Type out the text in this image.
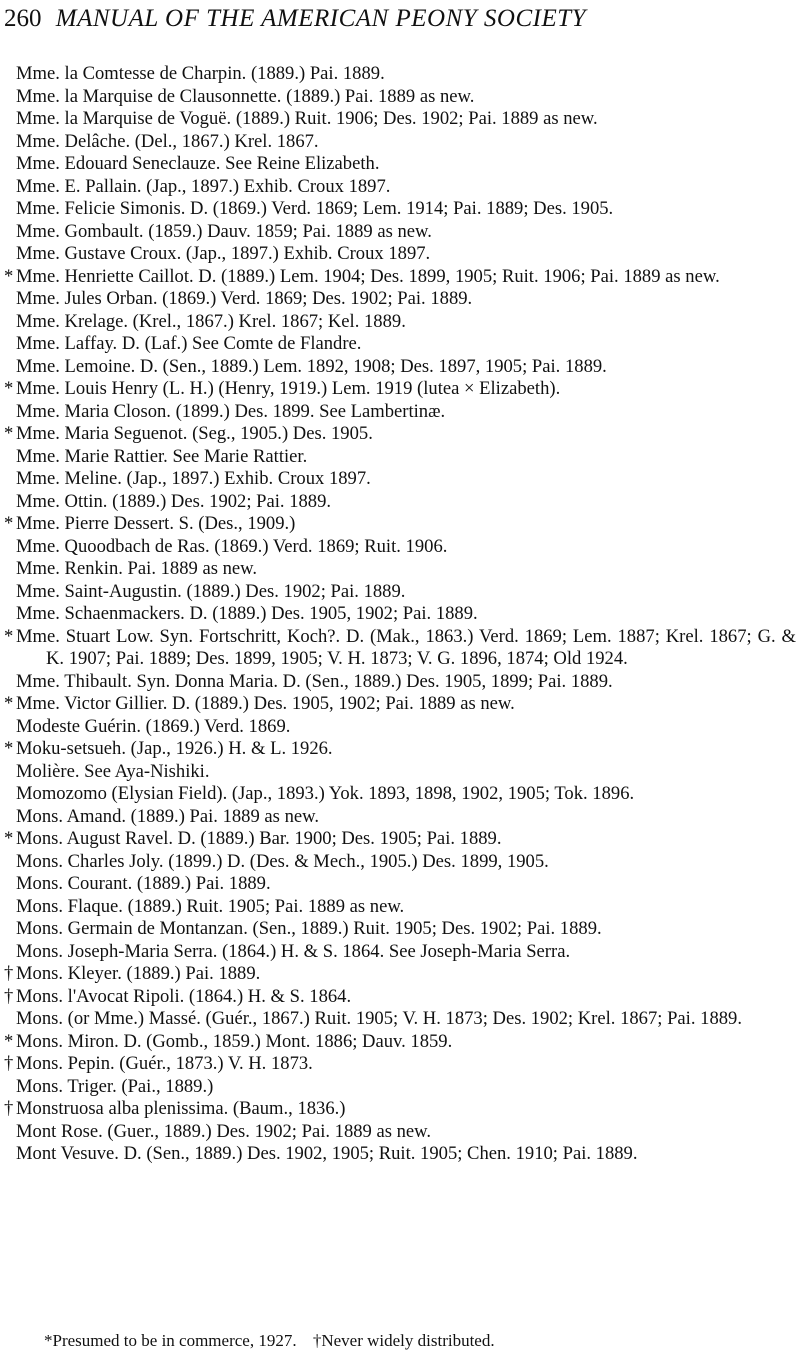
260 MANUAL OF THE AMERICAN PEONY SOCIETY
Mme. la Comtesse de Charpin. (1889.) Pai. 1889.
Mme. la Marquise de Clausonnette. (1889.) Pai. 1889 as new.
Mme. la Marquise de Voguë. (1889.) Ruit. 1906; Des. 1902; Pai. 1889 as new.
Mme. Delâche. (Del., 1867.) Krel. 1867.
Mme. Edouard Seneclauze. See Reine Elizabeth.
Mme. E. Pallain. (Jap., 1897.) Exhib. Croux 1897.
Mme. Felicie Simonis. D. (1869.) Verd. 1869; Lem. 1914; Pai. 1889; Des. 1905.
Mme. Gombault. (1859.) Dauv. 1859; Pai. 1889 as new.
Mme. Gustave Croux. (Jap., 1897.) Exhib. Croux 1897.
* Mme. Henriette Caillot. D. (1889.) Lem. 1904; Des. 1899, 1905; Ruit. 1906; Pai. 1889 as new.
Mme. Jules Orban. (1869.) Verd. 1869; Des. 1902; Pai. 1889.
Mme. Krelage. (Krel., 1867.) Krel. 1867; Kel. 1889.
Mme. Laffay. D. (Laf.) See Comte de Flandre.
Mme. Lemoine. D. (Sen., 1889.) Lem. 1892, 1908; Des. 1897, 1905; Pai. 1889.
* Mme. Louis Henry (L. H.) (Henry, 1919.) Lem. 1919 (lutea × Elizabeth).
Mme. Maria Closon. (1899.) Des. 1899. See Lambertinæ.
* Mme. Maria Seguenot. (Seg., 1905.) Des. 1905.
Mme. Marie Rattier. See Marie Rattier.
Mme. Meline. (Jap., 1897.) Exhib. Croux 1897.
Mme. Ottin. (1889.) Des. 1902; Pai. 1889.
* Mme. Pierre Dessert. S. (Des., 1909.)
Mme. Quoodbach de Ras. (1869.) Verd. 1869; Ruit. 1906.
Mme. Renkin. Pai. 1889 as new.
Mme. Saint-Augustin. (1889.) Des. 1902; Pai. 1889.
Mme. Schaenmackers. D. (1889.) Des. 1905, 1902; Pai. 1889.
* Mme. Stuart Low. Syn. Fortschritt, Koch?. D. (Mak., 1863.) Verd. 1869; Lem. 1887; Krel. 1867; G. & K. 1907; Pai. 1889; Des. 1899, 1905; V. H. 1873; V. G. 1896, 1874; Old 1924.
Mme. Thibault. Syn. Donna Maria. D. (Sen., 1889.) Des. 1905, 1899; Pai. 1889.
* Mme. Victor Gillier. D. (1889.) Des. 1905, 1902; Pai. 1889 as new.
Modeste Guérin. (1869.) Verd. 1869.
* Moku-setsueh. (Jap., 1926.) H. & L. 1926.
Molière. See Aya-Nishiki.
Momozomo (Elysian Field). (Jap., 1893.) Yok. 1893, 1898, 1902, 1905; Tok. 1896.
Mons. Amand. (1889.) Pai. 1889 as new.
* Mons. August Ravel. D. (1889.) Bar. 1900; Des. 1905; Pai. 1889.
Mons. Charles Joly. (1899.) D. (Des. & Mech., 1905.) Des. 1899, 1905.
Mons. Courant. (1889.) Pai. 1889.
Mons. Flaque. (1889.) Ruit. 1905; Pai. 1889 as new.
Mons. Germain de Montanzan. (Sen., 1889.) Ruit. 1905; Des. 1902; Pai. 1889.
Mons. Joseph-Maria Serra. (1864.) H. & S. 1864. See Joseph-Maria Serra.
† Mons. Kleyer. (1889.) Pai. 1889.
† Mons. l'Avocat Ripoli. (1864.) H. & S. 1864.
Mons. (or Mme.) Massé. (Guér., 1867.) Ruit. 1905; V. H. 1873; Des. 1902; Krel. 1867; Pai. 1889.
* Mons. Miron. D. (Gomb., 1859.) Mont. 1886; Dauv. 1859.
† Mons. Pepin. (Guér., 1873.) V. H. 1873.
Mons. Triger. (Pai., 1889.)
† Monstruosa alba plenissima. (Baum., 1836.)
Mont Rose. (Guer., 1889.) Des. 1902; Pai. 1889 as new.
Mont Vesuve. D. (Sen., 1889.) Des. 1902, 1905; Ruit. 1905; Chen. 1910; Pai. 1889.
*Presumed to be in commerce, 1927. †Never widely distributed.
